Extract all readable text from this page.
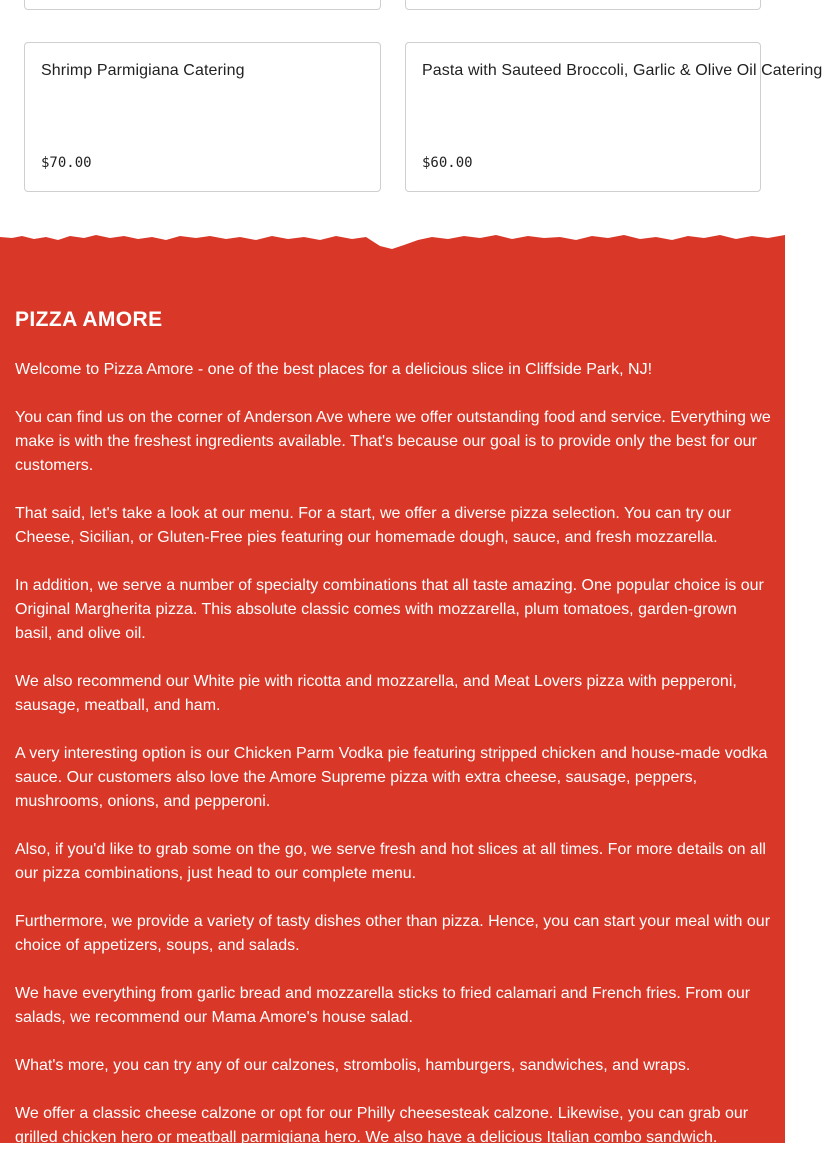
Shrimp Parmigiana Catering
$70.00
Pasta with Sauteed Broccoli, Garlic & Olive Oil Catering
$60.00
PIZZA AMORE

Welcome to Pizza Amore - one of the best places for a delicious slice in Cliffside Park, NJ!

You can find us on the corner of Anderson Ave where we offer outstanding food and service. Everything we make is with the freshest ingredients available. That's because our goal is to provide only the best for our customers.

That said, let's take a look at our menu. For a start, we offer a diverse pizza selection. You can try our Cheese, Sicilian, or Gluten-Free pies featuring our homemade dough, sauce, and fresh mozzarella.

In addition, we serve a number of specialty combinations that all taste amazing. One popular choice is our Original Margherita pizza. This absolute classic comes with mozzarella, plum tomatoes, garden-grown basil, and olive oil.

We also recommend our White pie with ricotta and mozzarella, and Meat Lovers pizza with pepperoni, sausage, meatball, and ham.

A very interesting option is our Chicken Parm Vodka pie featuring stripped chicken and house-made vodka sauce. Our customers also love the Amore Supreme pizza with extra cheese, sausage, peppers, mushrooms, onions, and pepperoni.

Also, if you'd like to grab some on the go, we serve fresh and hot slices at all times. For more details on all our pizza combinations, just head to our complete menu.

Furthermore, we provide a variety of tasty dishes other than pizza. Hence, you can start your meal with our choice of appetizers, soups, and salads.

We have everything from garlic bread and mozzarella sticks to fried calamari and French fries. From our salads, we recommend our Mama Amore's house salad.

What's more, you can try any of our calzones, strombolis, hamburgers, sandwiches, and wraps.

We offer a classic cheese calzone or opt for our Philly cheesesteak calzone. Likewise, you can grab our grilled chicken hero or meatball parmigiana hero. We also have a delicious Italian combo sandwich.
